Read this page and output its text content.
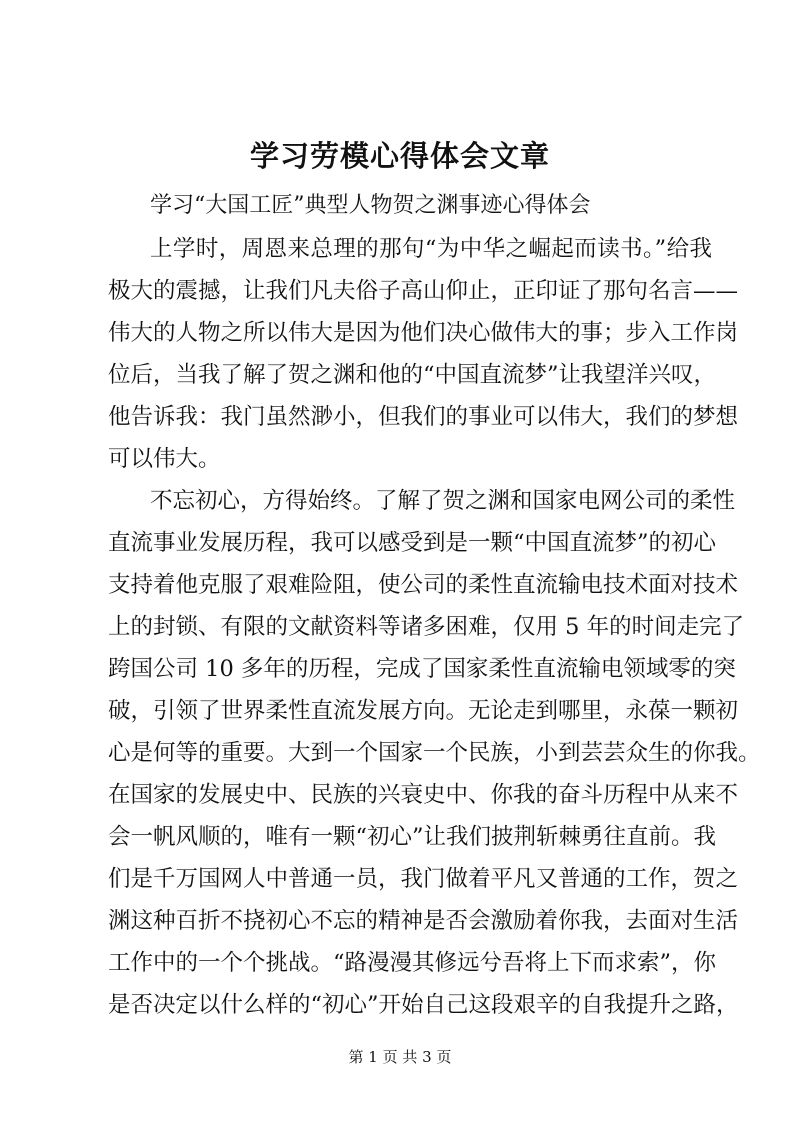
学习劳模心得体会文章
学习“大国工匠”典型人物贺之渊事迹心得体会
上学时，周恩来总理的那句“为中华之崛起而读书。”给我
极大的震撼，让我们凡夫俗子高山仰止，正印证了那句名言——
伟大的人物之所以伟大是因为他们决心做伟大的事；步入工作岗
位后，当我了解了贺之渊和他的“中国直流梦”让我望洋兴叹，
他告诉我：我门虽然渺小，但我们的事业可以伟大，我们的梦想
可以伟大。
不忘初心，方得始终。了解了贺之渊和国家电网公司的柔性
直流事业发展历程，我可以感受到是一颗“中国直流梦”的初心
支持着他克服了艰难险阻，使公司的柔性直流输电技术面对技术
上的封锁、有限的文献资料等诸多困难，仅用 5 年的时间走完了
跨国公司 10 多年的历程，完成了国家柔性直流输电领域零的突
破，引领了世界柔性直流发展方向。无论走到哪里，永葆一颗初
心是何等的重要。大到一个国家一个民族，小到芸芸众生的你我。
在国家的发展史中、民族的兴衰史中、你我的奋斗历程中从来不
会一帆风顺的，唯有一颗“初心”让我们披荆斩棘勇往直前。我
们是千万国网人中普通一员，我门做着平凡又普通的工作，贺之
渊这种百折不挠初心不忘的精神是否会激励着你我，去面对生活
工作中的一个个挑战。“路漫漫其修远兮吾将上下而求索”，你
是否决定以什么样的“初心”开始自己这段艰辛的自我提升之路，
第 1 页 共 3 页
